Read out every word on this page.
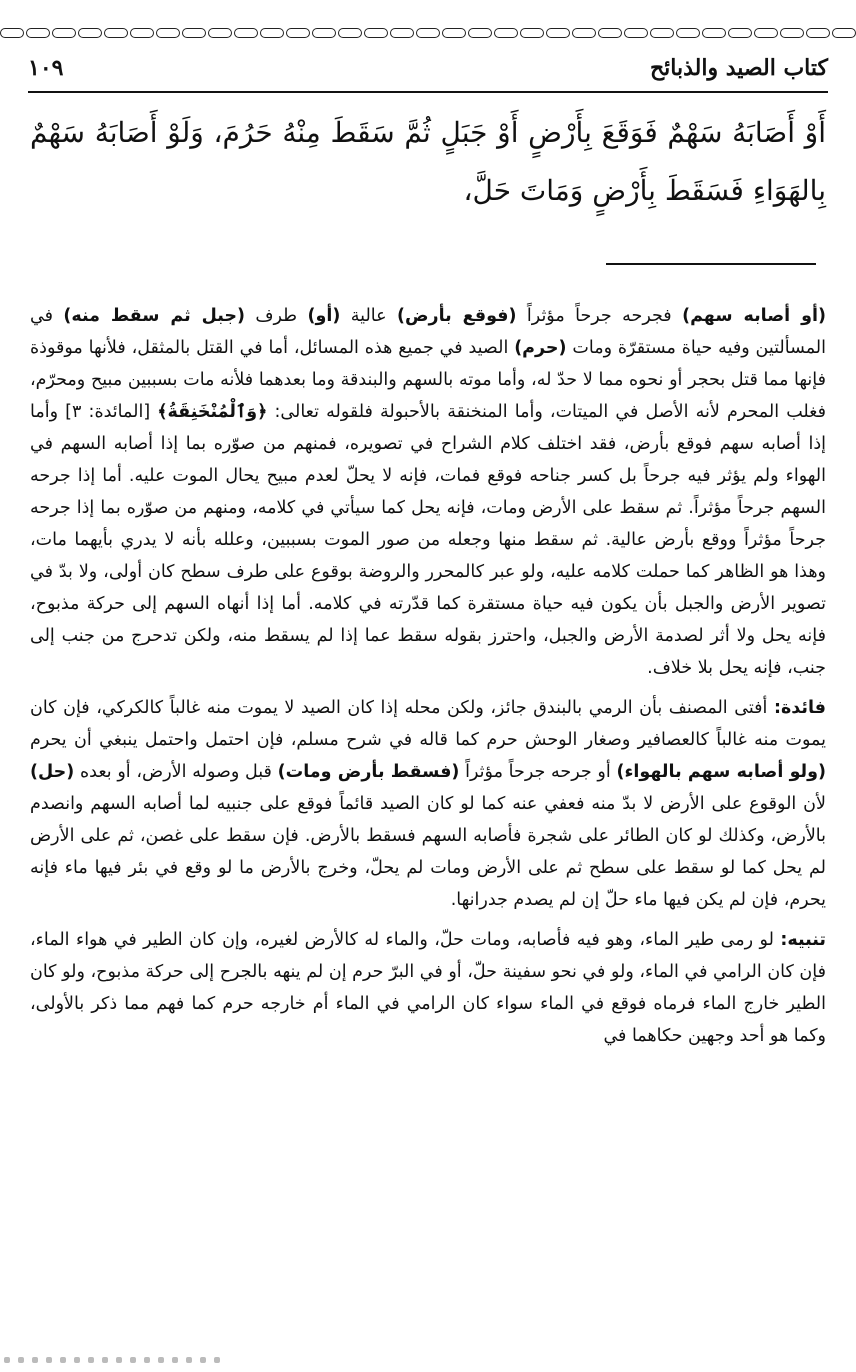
كتاب الصيد والذبائح
١٠٩
أَوْ أَصَابَهُ سَهْمٌ فَوَقَعَ بِأَرْضٍ أَوْ جَبَلٍ ثُمَّ سَقَطَ مِنْهُ حَرُمَ، وَلَوْ أَصَابَهُ سَهْمٌ بِالهَوَاءِ فَسَقَطَ بِأَرْضٍ وَمَاتَ حَلَّ،

(أو أصابه سهم) فجرحه جرحاً مؤثراً (فوقع بأرض) عالية (أو) طرف (جبل ثم سقط منه) في المسألتين وفيه حياة مستقرّة ومات (حرم) الصيد في جميع هذه المسائل، أما في القتل بالمثقل، فلأنها موقوذة فإنها مما قتل بحجر أو نحوه مما لا حدّ له، وأما موته بالسهم والبندقة وما بعدهما فلأنه مات بسببين مبيح ومحرّم، فغلب المحرم لأنه الأصل في الميتات، وأما المنخنقة بالأحبولة فلقوله تعالى: ﴿وَٱلْمُنْخَنِقَةُ﴾ [المائدة: ٣] وأما إذا أصابه سهم فوقع بأرض، فقد اختلف كلام الشراح في تصويره، فمنهم من صوّره بما إذا أصابه السهم في الهواء ولم يؤثر فيه جرحاً بل كسر جناحه فوقع فمات، فإنه لا يحلّ لعدم مبيح يحال الموت عليه. أما إذا جرحه السهم جرحاً مؤثراً. ثم سقط على الأرض ومات، فإنه يحل كما سيأتي في كلامه، ومنهم من صوّره بما إذا جرحه جرحاً مؤثراً ووقع بأرض عالية. ثم سقط منها وجعله من صور الموت بسببين، وعلله بأنه لا يدري بأيهما مات، وهذا هو الظاهر كما حملت كلامه عليه، ولو عبر كالمحرر والروضة بوقوع على طرف سطح كان أولى، ولا بدّ في تصوير الأرض والجبل بأن يكون فيه حياة مستقرة كما قدّرته في كلامه. أما إذا أنهاه السهم إلى حركة مذبوح، فإنه يحل ولا أثر لصدمة الأرض والجبل، واحترز بقوله سقط عما إذا لم يسقط منه، ولكن تدحرج من جنب إلى جنب، فإنه يحل بلا خلاف.

فائدة: أفتى المصنف بأن الرمي بالبندق جائز، ولكن محله إذا كان الصيد لا يموت منه غالباً كالكركي، فإن كان يموت منه غالباً كالعصافير وصغار الوحش حرم كما قاله في شرح مسلم، فإن احتمل واحتمل ينبغي أن يحرم (ولو أصابه سهم بالهواء) أو جرحه جرحاً مؤثراً (فسقط بأرض ومات) قبل وصوله الأرض، أو بعده (حل) لأن الوقوع على الأرض لا بدّ منه فعفي عنه كما لو كان الصيد قائماً فوقع على جنبيه لما أصابه السهم وانصدم بالأرض، وكذلك لو كان الطائر على شجرة فأصابه السهم فسقط بالأرض. فإن سقط على غصن، ثم على الأرض لم يحل كما لو سقط على سطح ثم على الأرض ومات لم يحلّ، وخرج بالأرض ما لو وقع في بئر فيها ماء فإنه يحرم، فإن لم يكن فيها ماء حلّ إن لم يصدم جدرانها.

تنبيه: لو رمى طير الماء، وهو فيه فأصابه، ومات حلّ، والماء له كالأرض لغيره، وإن كان الطير في هواء الماء، فإن كان الرامي في الماء، ولو في نحو سفينة حلّ، أو في البرّ حرم إن لم ينهه بالجرح إلى حركة مذبوح، ولو كان الطير خارج الماء فرماه فوقع في الماء سواء كان الرامي في الماء أم خارجه حرم كما فهم مما ذكر بالأولى، وكما هو أحد وجهين حكاهما في
